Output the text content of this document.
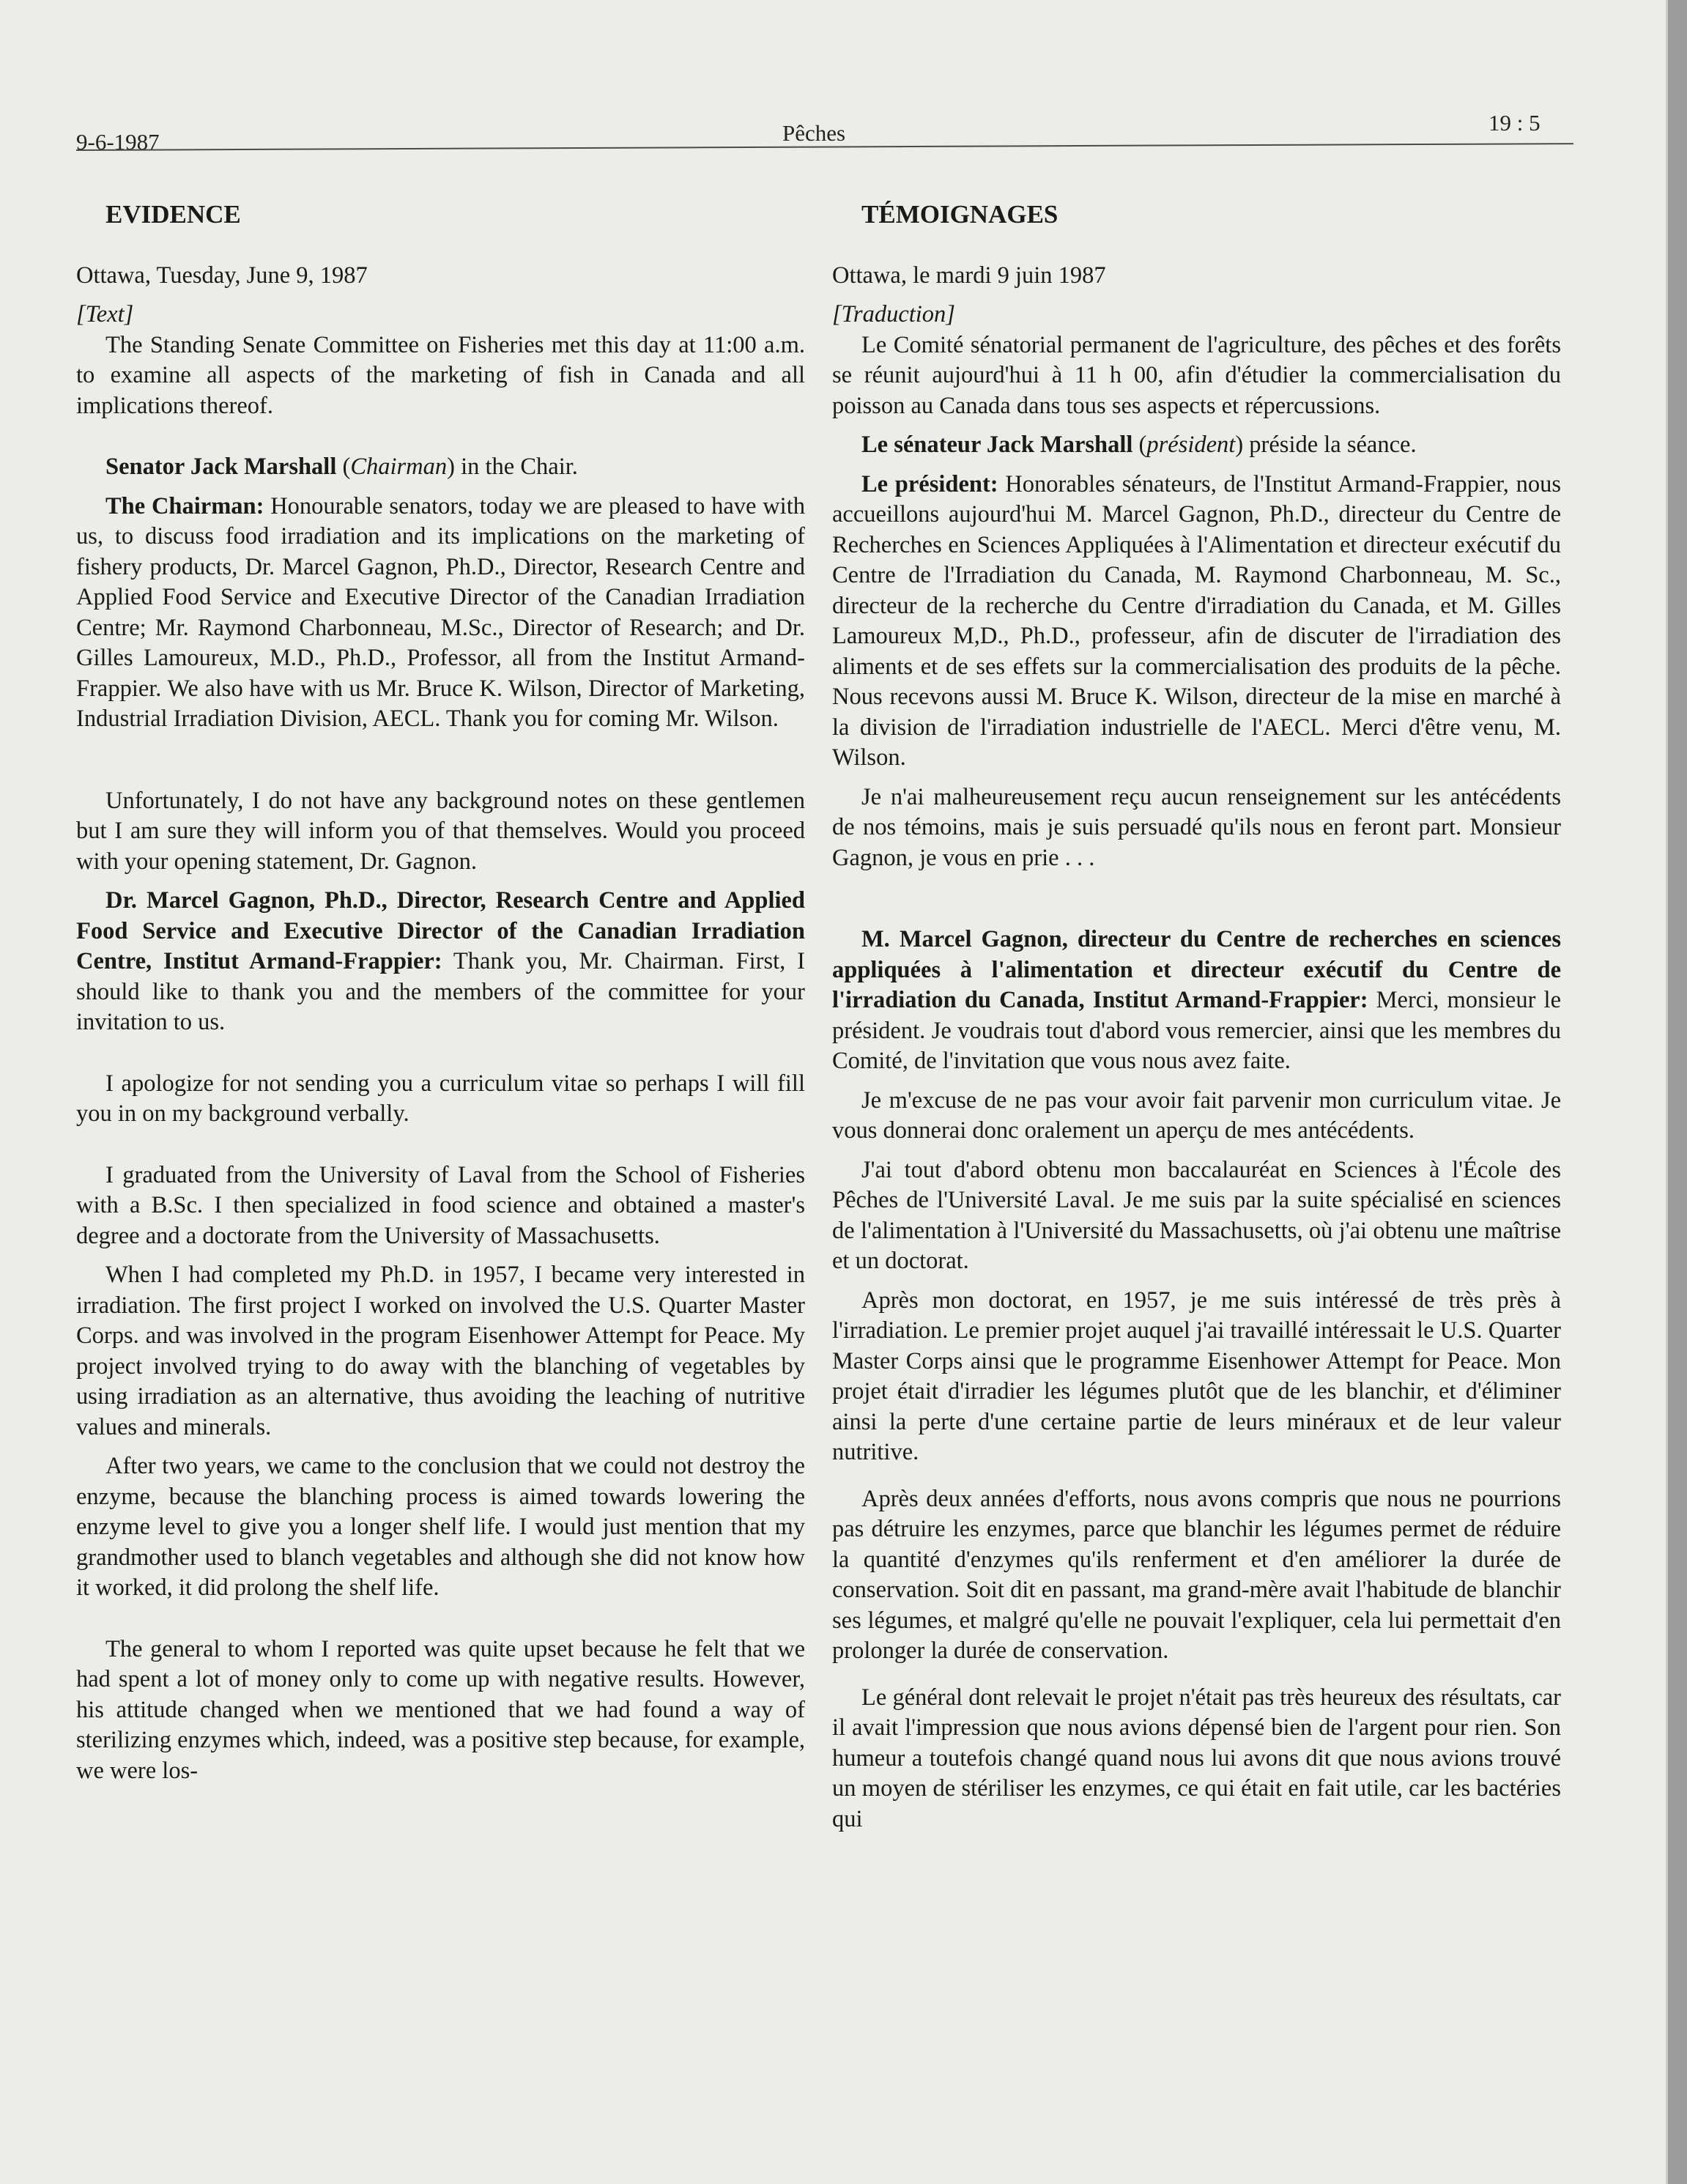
9-6-1987	Pêches	19 : 5

EVIDENCE

Ottawa, Tuesday, June 9, 1987

[Text]

The Standing Senate Committee on Fisheries met this day at 11:00 a.m. to examine all aspects of the marketing of fish in Canada and all implications thereof.

Senator Jack Marshall (Chairman) in the Chair.

The Chairman: Honourable senators, today we are pleased to have with us, to discuss food irradiation and its implications on the marketing of fishery products, Dr. Marcel Gagnon, Ph.D., Director, Research Centre and Applied Food Service and Executive Director of the Canadian Irradiation Centre; Mr. Raymond Charbonneau, M.Sc., Director of Research; and Dr. Gilles Lamoureux, M.D., Ph.D., Professor, all from the Institut Armand-Frappier. We also have with us Mr. Bruce K. Wilson, Director of Marketing, Industrial Irradiation Division, AECL. Thank you for coming Mr. Wilson.

Unfortunately, I do not have any background notes on these gentlemen but I am sure they will inform you of that themselves. Would you proceed with your opening statement, Dr. Gagnon.

Dr. Marcel Gagnon, Ph.D., Director, Research Centre and Applied Food Service and Executive Director of the Canadian Irradiation Centre, Institut Armand-Frappier: Thank you, Mr. Chairman. First, I should like to thank you and the members of the committee for your invitation to us.

I apologize for not sending you a curriculum vitae so perhaps I will fill you in on my background verbally.

I graduated from the University of Laval from the School of Fisheries with a B.Sc. I then specialized in food science and obtained a master's degree and a doctorate from the University of Massachusetts.

When I had completed my Ph.D. in 1957, I became very interested in irradiation. The first project I worked on involved the U.S. Quarter Master Corps. and was involved in the program Eisenhower Attempt for Peace. My project involved trying to do away with the blanching of vegetables by using irradiation as an alternative, thus avoiding the leaching of nutritive values and minerals.

After two years, we came to the conclusion that we could not destroy the enzyme, because the blanching process is aimed towards lowering the enzyme level to give you a longer shelf life. I would just mention that my grandmother used to blanch vegetables and although she did not know how it worked, it did prolong the shelf life.

The general to whom I reported was quite upset because he felt that we had spent a lot of money only to come up with negative results. However, his attitude changed when we mentioned that we had found a way of sterilizing enzymes which, indeed, was a positive step because, for example, we were los-

TÉMOIGNAGES

Ottawa, le mardi 9 juin 1987

[Traduction]

Le Comité sénatorial permanent de l'agriculture, des pêches et des forêts se réunit aujourd'hui à 11 h 00, afin d'étudier la commercialisation du poisson au Canada dans tous ses aspects et répercussions.

Le sénateur Jack Marshall (président) préside la séance.

Le président: Honorables sénateurs, de l'Institut Armand-Frappier, nous accueillons aujourd'hui M. Marcel Gagnon, Ph.D., directeur du Centre de Recherches en Sciences Appliquées à l'Alimentation et directeur exécutif du Centre de l'Irradiation du Canada, M. Raymond Charbonneau, M. Sc., directeur de la recherche du Centre d'irradiation du Canada, et M. Gilles Lamoureux M,D., Ph.D., professeur, afin de discuter de l'irradiation des aliments et de ses effets sur la commercialisation des produits de la pêche. Nous recevons aussi M. Bruce K. Wilson, directeur de la mise en marché à la division de l'irradiation industrielle de l'AECL. Merci d'être venu, M. Wilson.

Je n'ai malheureusement reçu aucun renseignement sur les antécédents de nos témoins, mais je suis persuadé qu'ils nous en feront part. Monsieur Gagnon, je vous en prie . . .

M. Marcel Gagnon, directeur du Centre de recherches en sciences appliquées à l'alimentation et directeur exécutif du Centre de l'irradiation du Canada, Institut Armand-Frappier: Merci, monsieur le président. Je voudrais tout d'abord vous remercier, ainsi que les membres du Comité, de l'invitation que vous nous avez faite.

Je m'excuse de ne pas vour avoir fait parvenir mon curriculum vitae. Je vous donnerai donc oralement un aperçu de mes antécédents.

J'ai tout d'abord obtenu mon baccalauréat en Sciences à l'École des Pêches de l'Université Laval. Je me suis par la suite spécialisé en sciences de l'alimentation à l'Université du Massachusetts, où j'ai obtenu une maîtrise et un doctorat.

Après mon doctorat, en 1957, je me suis intéressé de très près à l'irradiation. Le premier projet auquel j'ai travaillé intéressait le U.S. Quarter Master Corps ainsi que le programme Eisenhower Attempt for Peace. Mon projet était d'irradier les légumes plutôt que de les blanchir, et d'éliminer ainsi la perte d'une certaine partie de leurs minéraux et de leur valeur nutritive.

Après deux années d'efforts, nous avons compris que nous ne pourrions pas détruire les enzymes, parce que blanchir les légumes permet de réduire la quantité d'enzymes qu'ils renferment et d'en améliorer la durée de conservation. Soit dit en passant, ma grand-mère avait l'habitude de blanchir ses légumes, et malgré qu'elle ne pouvait l'expliquer, cela lui permettait d'en prolonger la durée de conservation.

Le général dont relevait le projet n'était pas très heureux des résultats, car il avait l'impression que nous avions dépensé bien de l'argent pour rien. Son humeur a toutefois changé quand nous lui avons dit que nous avions trouvé un moyen de stériliser les enzymes, ce qui était en fait utile, car les bactéries qui
